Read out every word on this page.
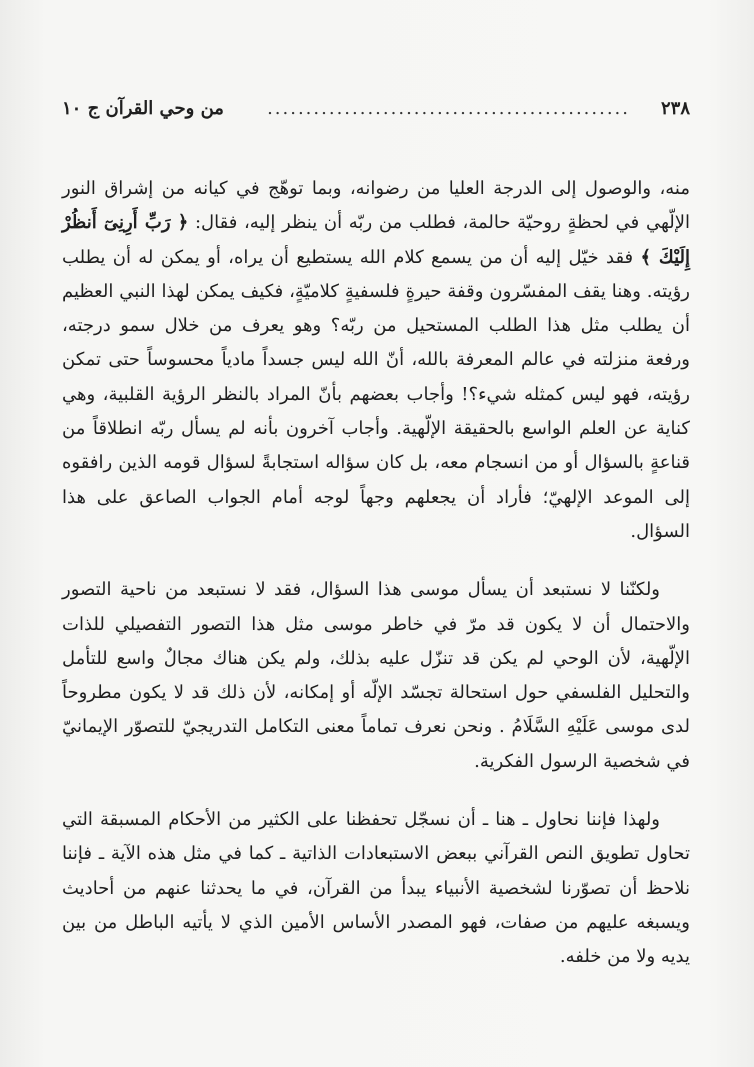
٢٣٨
...............................................
من وحي القرآن ج ١٠

منه، والوصول إلى الدرجة العليا من رضوانه، وبما توهّج في كيانه من إشراق النور الإلّهي في لحظةٍ روحيّة حالمة، فطلب من ربّه أن ينظر إليه، فقال: ﴿ رَبِّ أَرِنِىٓ أَنظُرْ إِلَيْكَ ﴾ فقد خيّل إليه أن من يسمع كلام الله يستطيع أن يراه، أو يمكن له أن يطلب رؤيته. وهنا يقف المفسّرون وقفة حيرةٍ فلسفيةٍ كلاميّةٍ، فكيف يمكن لهذا النبي العظيم أن يطلب مثل هذا الطلب المستحيل من ربّه؟ وهو يعرف من خلال سمو درجته، ورفعة منزلته في عالم المعرفة بالله، أنّ الله ليس جسداً مادياً محسوساً حتى تمكن رؤيته، فهو ليس كمثله شيء؟! وأجاب بعضهم بأنّ المراد بالنظر الرؤية القلبية، وهي كناية عن العلم الواسع بالحقيقة الإلّهية. وأجاب آخرون بأنه لم يسأل ربّه انطلاقاً من قناعةٍ بالسؤال أو من انسجام معه، بل كان سؤاله استجابةً لسؤال قومه الذين رافقوه إلى الموعد الإلهيّ؛ فأراد أن يجعلهم وجهاً لوجه أمام الجواب الصاعق على هذا السؤال.

ولكنّنا لا نستبعد أن يسأل موسى هذا السؤال، فقد لا نستبعد من ناحية التصور والاحتمال أن لا يكون قد مرّ في خاطر موسى مثل هذا التصور التفصيلي للذات الإلّهية، لأن الوحي لم يكن قد تنزّل عليه بذلك، ولم يكن هناك مجالٌ واسع للتأمل والتحليل الفلسفي حول استحالة تجسّد الإلّه أو إمكانه، لأن ذلك قد لا يكون مطروحاً لدى موسى عَلَيْهِ السَّلَامُ . ونحن نعرف تماماً معنى التكامل التدريجيّ للتصوّر الإيمانيّ في شخصية الرسول الفكرية.

ولهذا فإننا نحاول ـ هنا ـ أن نسجّل تحفظنا على الكثير من الأحكام المسبقة التي تحاول تطويق النص القرآني ببعض الاستبعادات الذاتية ـ كما في مثل هذه الآية ـ فإننا نلاحظ أن تصوّرنا لشخصية الأنبياء يبدأ من القرآن، في ما يحدثنا عنهم من أحاديث ويسبغه عليهم من صفات، فهو المصدر الأساس الأمين الذي لا يأتيه الباطل من بين يديه ولا من خلفه.
